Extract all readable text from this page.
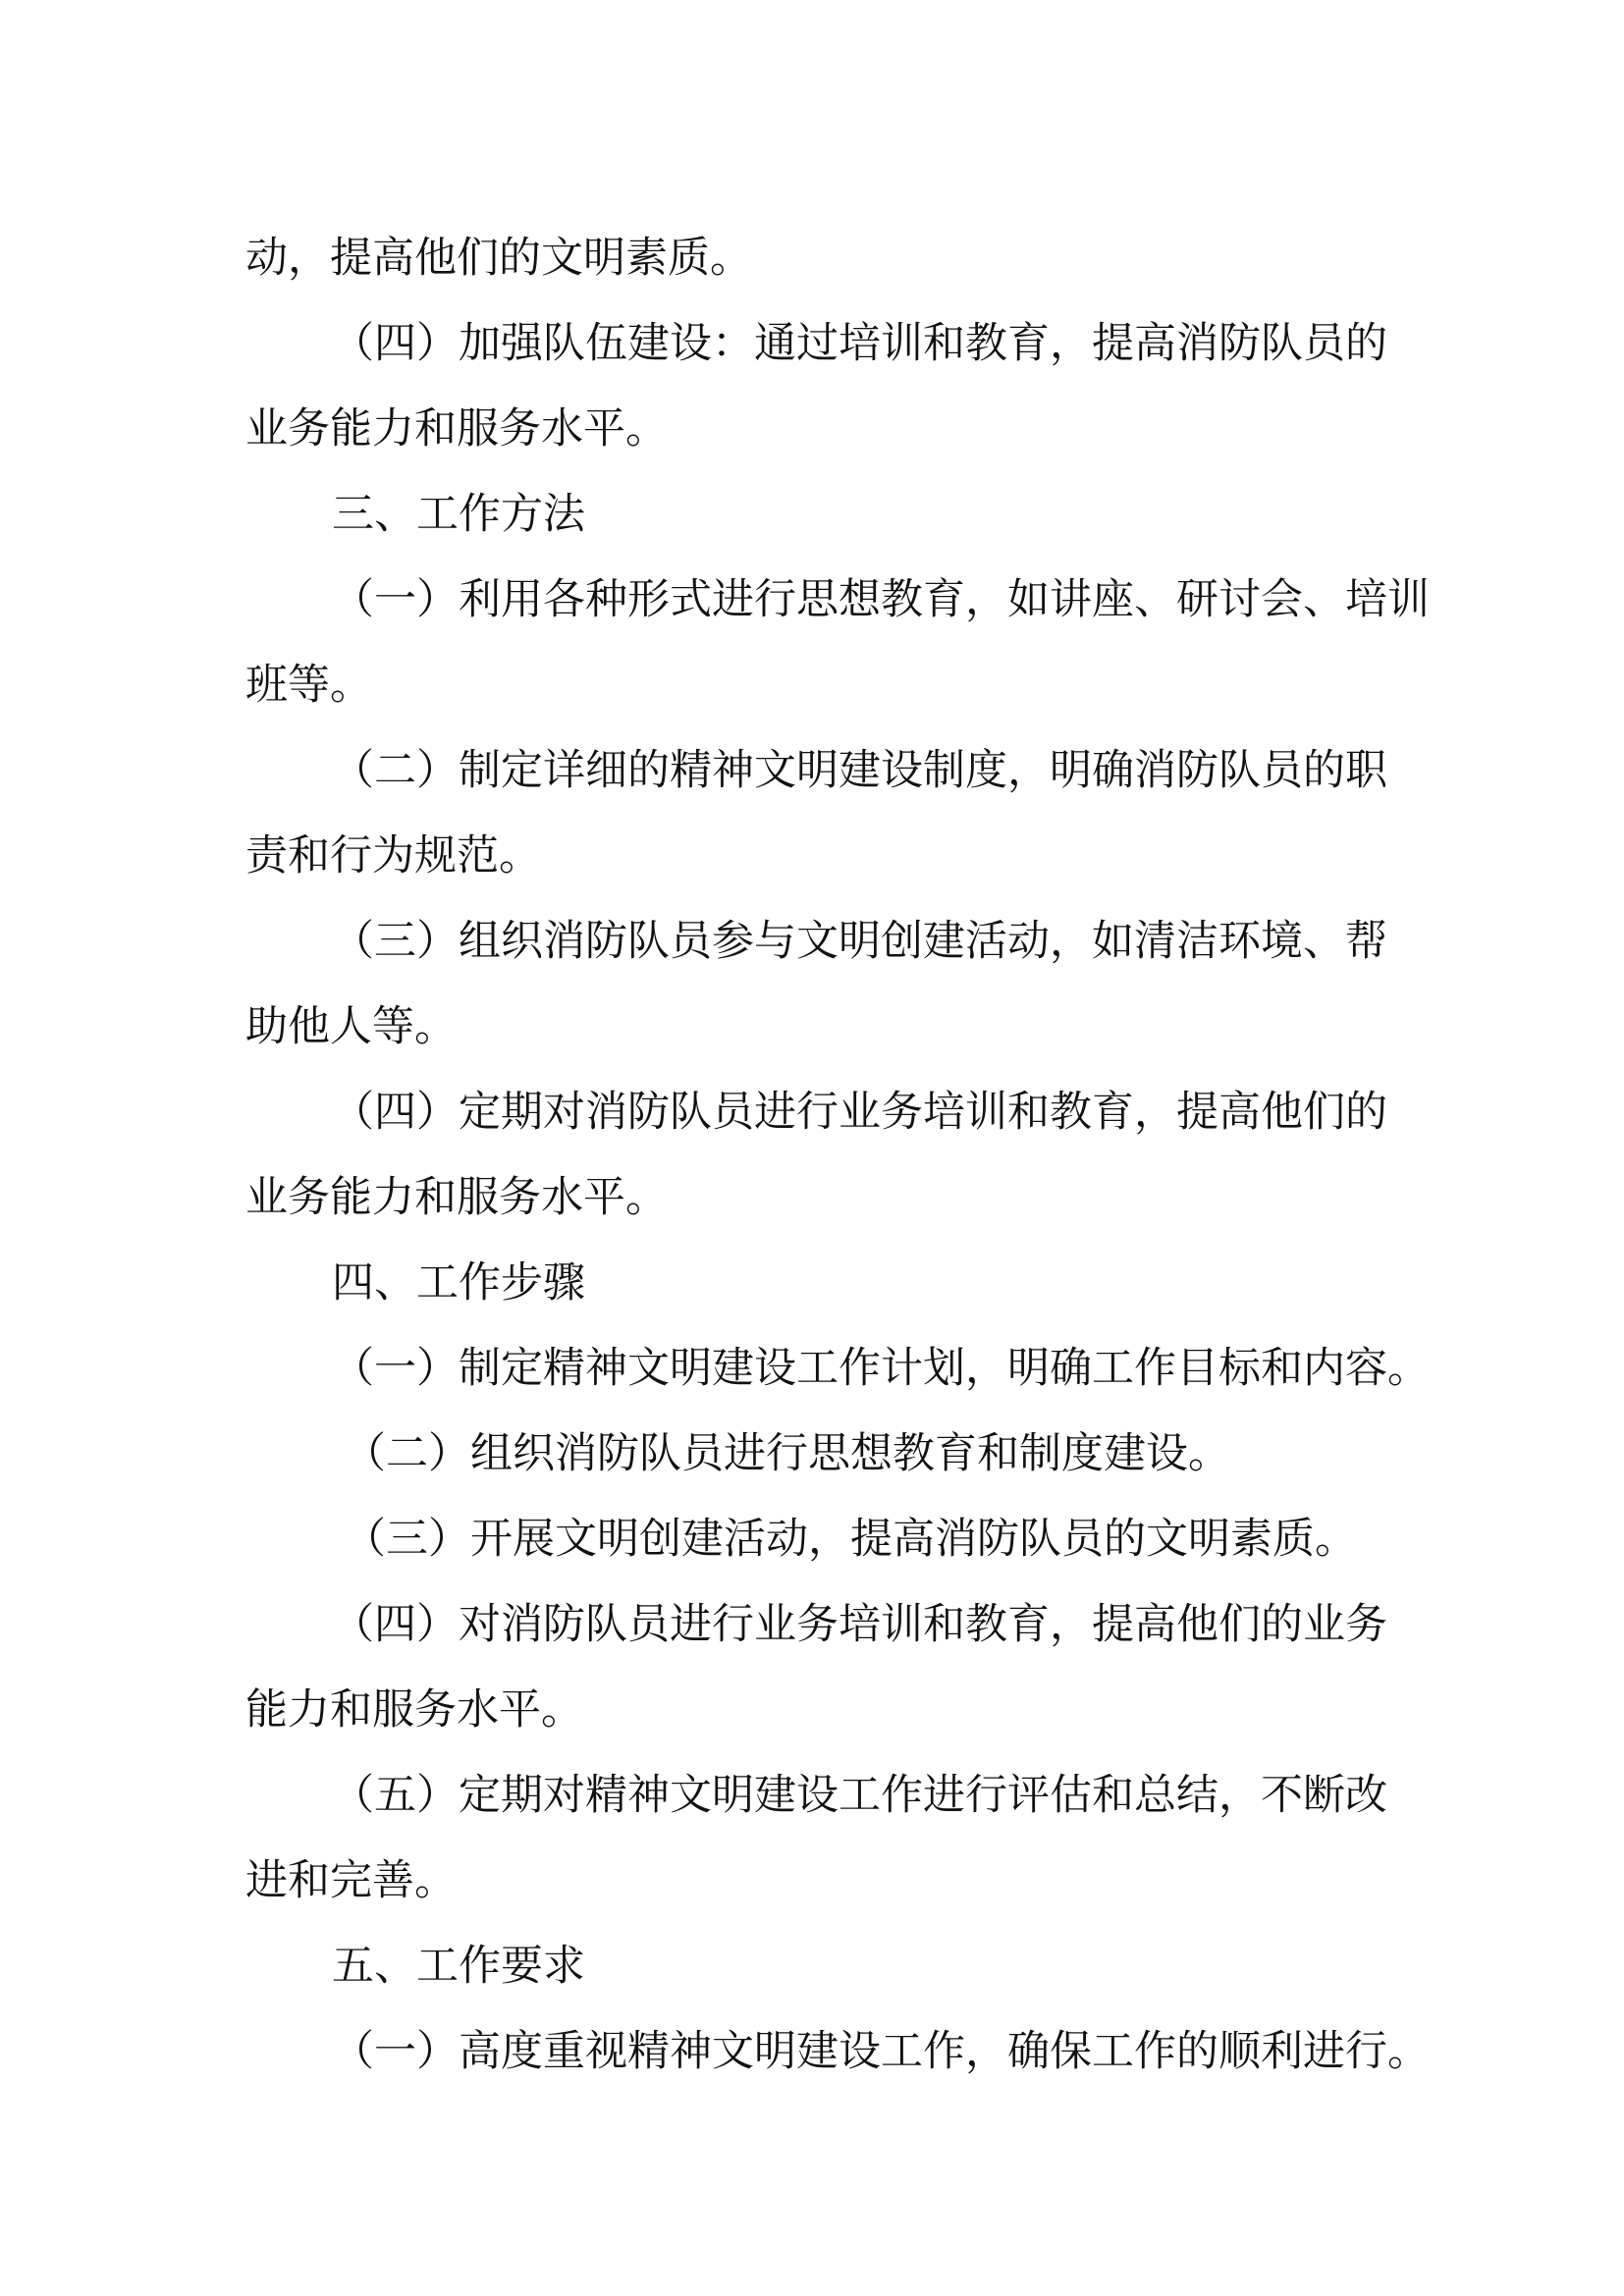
动，提高他们的文明素质。
（四）加强队伍建设：通过培训和教育，提高消防队员的
业务能力和服务水平。
三、工作方法
（一）利用各种形式进行思想教育，如讲座、研讨会、培训
班等。
（二）制定详细的精神文明建设制度，明确消防队员的职
责和行为规范。
（三）组织消防队员参与文明创建活动，如清洁环境、帮
助他人等。
（四）定期对消防队员进行业务培训和教育，提高他们的
业务能力和服务水平。
四、工作步骤
（一）制定精神文明建设工作计划，明确工作目标和内容。
（二）组织消防队员进行思想教育和制度建设。
（三）开展文明创建活动，提高消防队员的文明素质。
（四）对消防队员进行业务培训和教育，提高他们的业务
能力和服务水平。
（五）定期对精神文明建设工作进行评估和总结，不断改
进和完善。
五、工作要求
（一）高度重视精神文明建设工作，确保工作的顺利进行。
